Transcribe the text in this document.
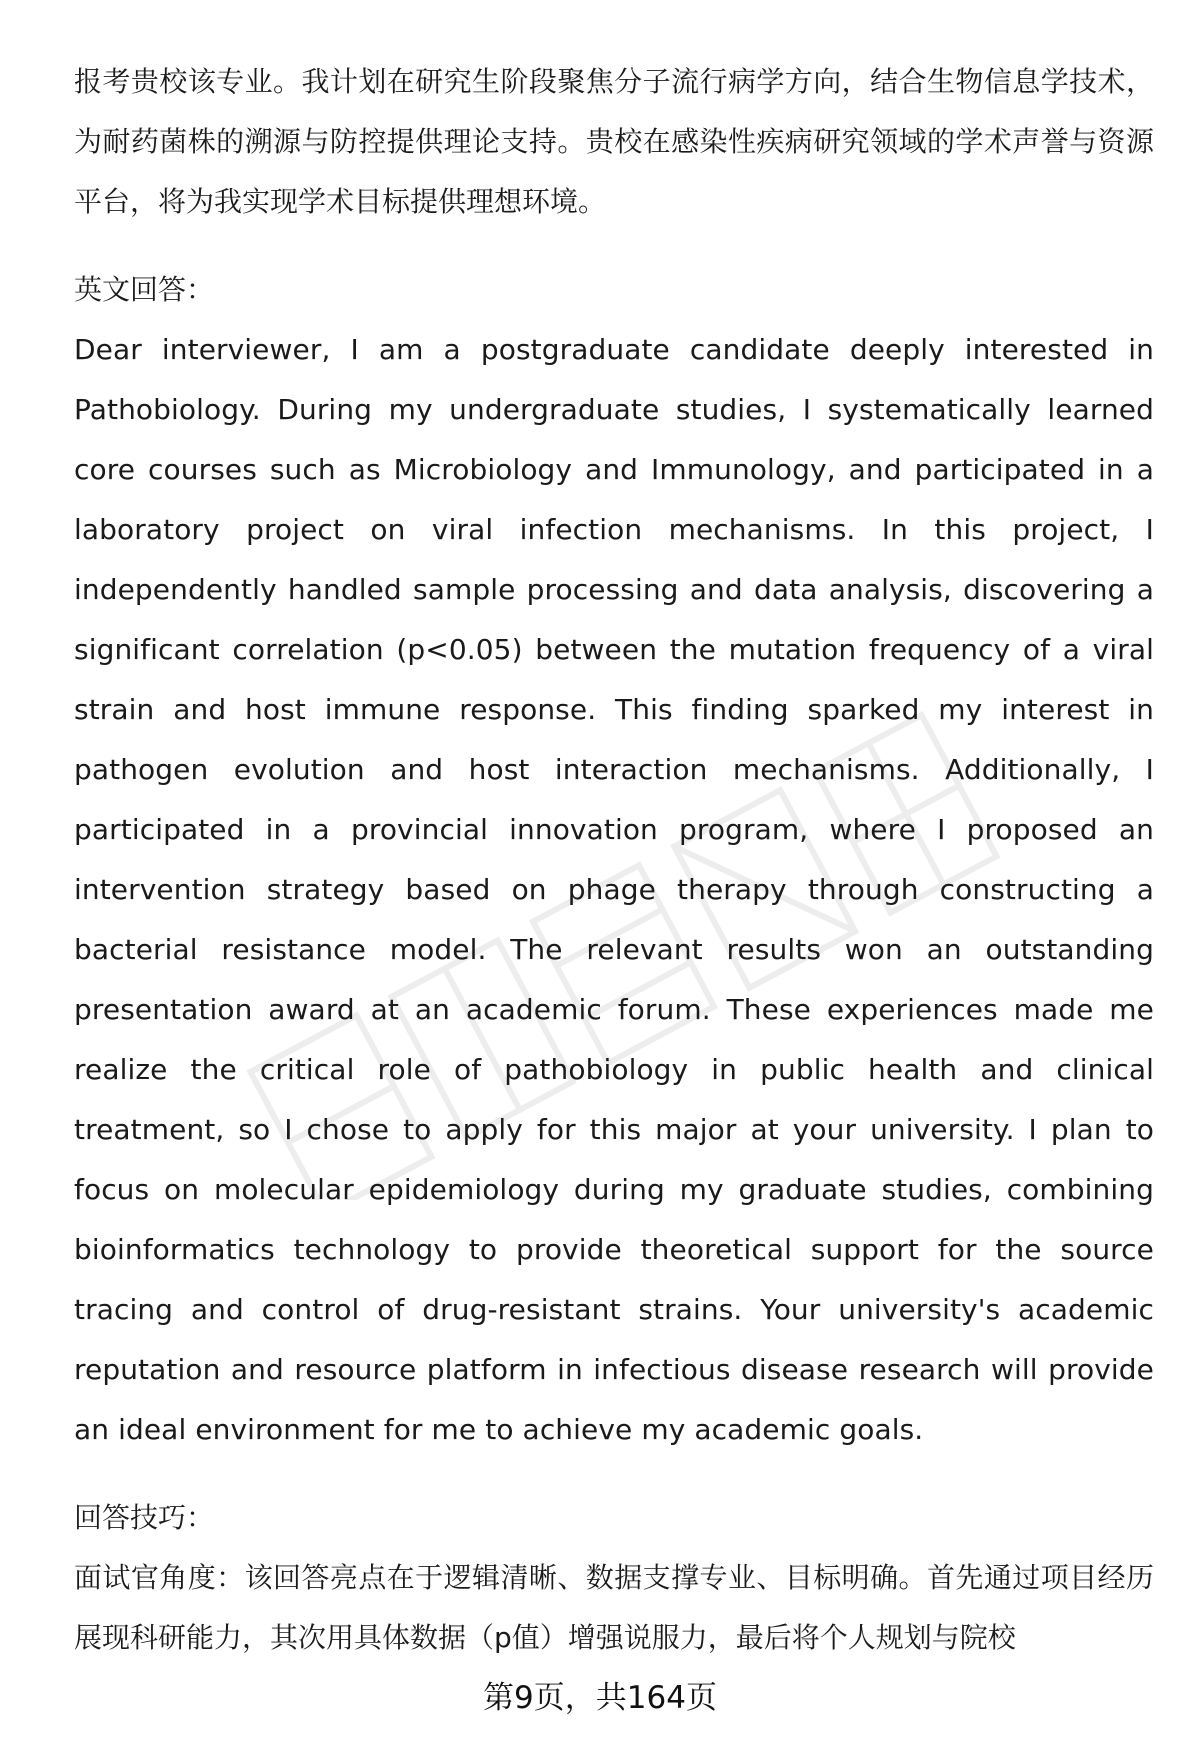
报考贵校该专业。我计划在研究生阶段聚焦分子流行病学方向，结合生物信息学技术，为耐药菌株的溯源与防控提供理论支持。贵校在感染性疾病研究领域的学术声誉与资源平台，将为我实现学术目标提供理想环境。

英文回答：

Dear interviewer, I am a postgraduate candidate deeply interested in Pathobiology. During my undergraduate studies, I systematically learned core courses such as Microbiology and Immunology, and participated in a laboratory project on viral infection mechanisms. In this project, I independently handled sample processing and data analysis, discovering a significant correlation (p<0.05) between the mutation frequency of a viral strain and host immune response. This finding sparked my interest in pathogen evolution and host interaction mechanisms. Additionally, I participated in a provincial innovation program, where I proposed an intervention strategy based on phage therapy through constructing a bacterial resistance model. The relevant results won an outstanding presentation award at an academic forum. These experiences made me realize the critical role of pathobiology in public health and clinical treatment, so I chose to apply for this major at your university. I plan to focus on molecular epidemiology during my graduate studies, combining bioinformatics technology to provide theoretical support for the source tracing and control of drug-resistant strains. Your university's academic reputation and resource platform in infectious disease research will provide an ideal environment for me to achieve my academic goals.

回答技巧：

面试官角度：该回答亮点在于逻辑清晰、数据支撑专业、目标明确。首先通过项目经历展现科研能力，其次用具体数据（p值）增强说服力，最后将个人规划与院校

第9页，共164页
